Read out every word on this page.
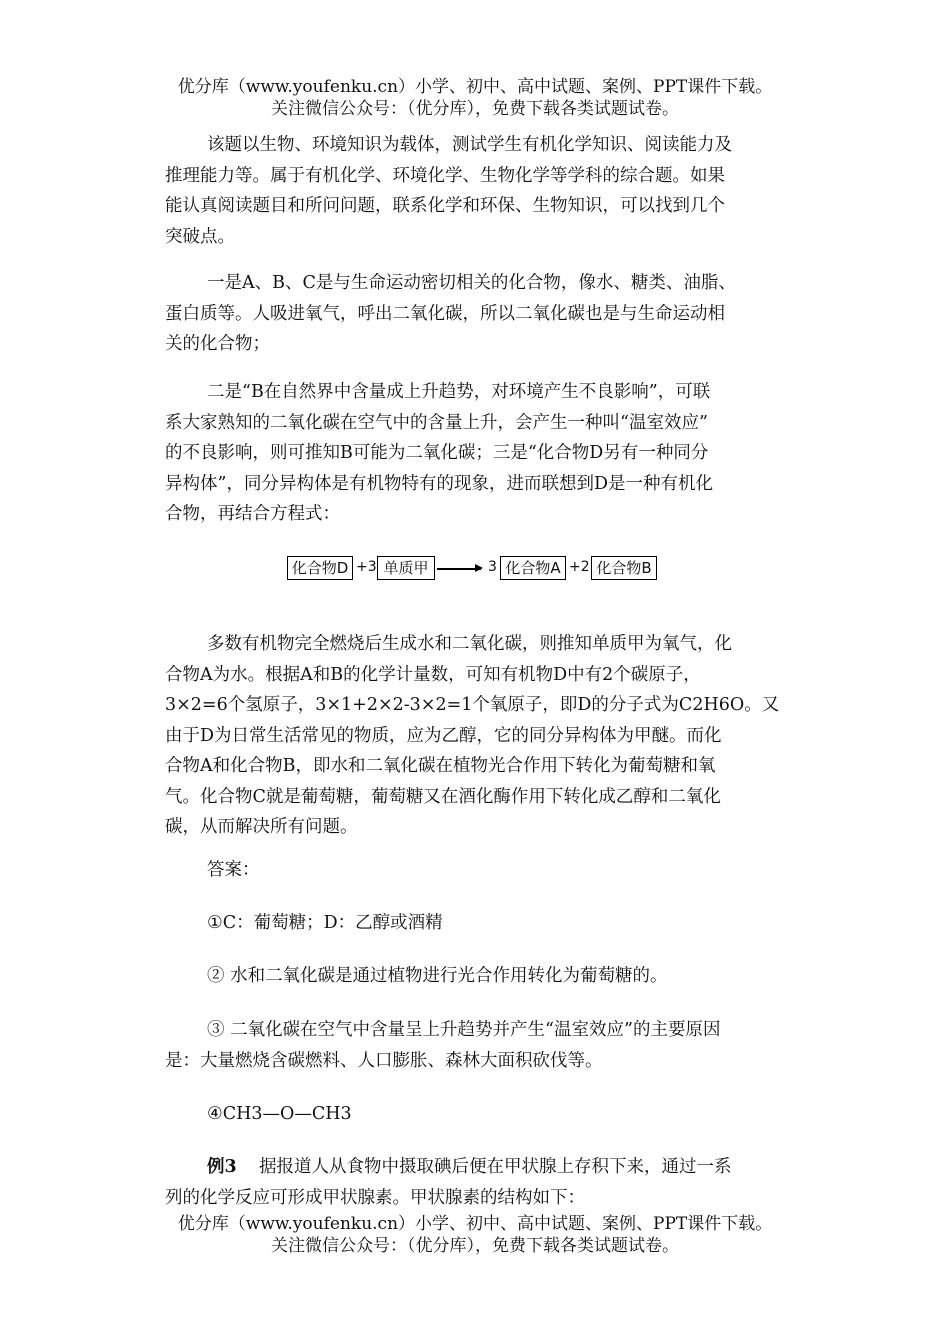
优分库（www.youfenku.cn）小学、初中、高中试题、案例、PPT课件下载。
关注微信公众号：（优分库），免费下载各类试题试卷。
该题以生物、环境知识为载体，测试学生有机化学知识、阅读能力及
推理能力等。属于有机化学、环境化学、生物化学等学科的综合题。如果
能认真阅读题目和所问问题，联系化学和环保、生物知识，可以找到几个
突破点。
一是A、B、C是与生命运动密切相关的化合物，像水、糖类、油脂、
蛋白质等。人吸进氧气，呼出二氧化碳，所以二氧化碳也是与生命运动相
关的化合物；
二是“B在自然界中含量成上升趋势，对环境产生不良影响”，可联
系大家熟知的二氧化碳在空气中的含量上升，会产生一种叫“温室效应”
的不良影响，则可推知B可能为二氧化碳；三是“化合物D另有一种同分
异构体”，同分异构体是有机物特有的现象，进而联想到D是一种有机化
合物，再结合方程式：
化合物D +3 单质甲 → 3 化合物A +2 化合物B
多数有机物完全燃烧后生成水和二氧化碳，则推知单质甲为氧气，化
合物A为水。根据A和B的化学计量数，可知有机物D中有2个碳原子，
3×2=6个氢原子，3×1+2×2-3×2=1个氧原子，即D的分子式为C2H6O。又
由于D为日常生活常见的物质，应为乙醇，它的同分异构体为甲醚。而化
合物A和化合物B，即水和二氧化碳在植物光合作用下转化为葡萄糖和氧
气。化合物C就是葡萄糖，葡萄糖又在酒化酶作用下转化成乙醇和二氧化
碳，从而解决所有问题。
答案：
①C：葡萄糖；D：乙醇或酒精
② 水和二氧化碳是通过植物进行光合作用转化为葡萄糖的。
③ 二氧化碳在空气中含量呈上升趋势并产生“温室效应”的主要原因
是：大量燃烧含碳燃料、人口膨胀、森林大面积砍伐等。
④CH3—O—CH3
例3 据报道人从食物中摄取碘后便在甲状腺上存积下来，通过一系
列的化学反应可形成甲状腺素。甲状腺素的结构如下：
优分库（www.youfenku.cn）小学、初中、高中试题、案例、PPT课件下载。
关注微信公众号：（优分库），免费下载各类试题试卷。
